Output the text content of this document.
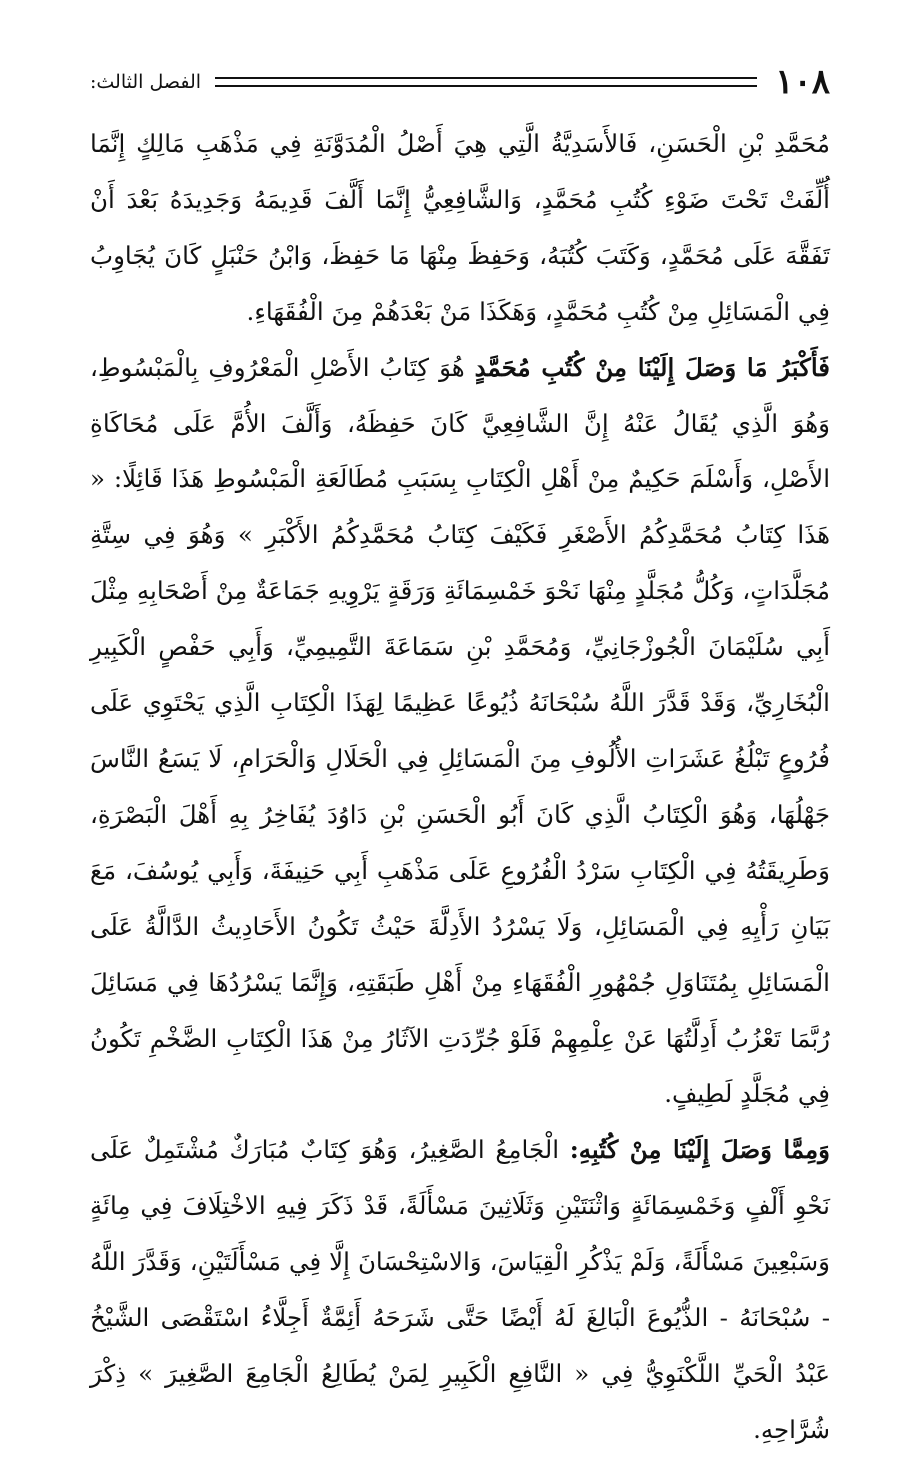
١٠٨
الفصل الثالث:

مُحَمَّدِ بْنِ الْحَسَنِ، فَالأَسَدِيَّةُ الَّتِي هِيَ أَصْلُ الْمُدَوَّنَةِ فِي مَذْهَبِ مَالِكٍ إِنَّمَا أُلِّفَتْ تَحْتَ ضَوْءِ كُتُبِ مُحَمَّدٍ، وَالشَّافِعِيُّ إِنَّمَا أَلَّفَ قَدِيمَهُ وَجَدِيدَهُ بَعْدَ أَنْ تَفَقَّهَ عَلَى مُحَمَّدٍ، وَكَتَبَ كُتُبَهُ، وَحَفِظَ مِنْهَا مَا حَفِظَ، وَابْنُ حَنْبَلٍ كَانَ يُجَاوِبُ فِي الْمَسَائِلِ مِنْ كُتُبِ مُحَمَّدٍ، وَهَكَذَا مَنْ بَعْدَهُمْ مِنَ الْفُقَهَاءِ.

فَأَكْبَرُ مَا وَصَلَ إِلَيْنَا مِنْ كُتُبِ مُحَمَّدٍ هُوَ كِتَابُ الأَصْلِ الْمَعْرُوفِ بِالْمَبْسُوطِ، وَهُوَ الَّذِي يُقَالُ عَنْهُ إِنَّ الشَّافِعِيَّ كَانَ حَفِظَهُ، وَأَلَّفَ الأُمَّ عَلَى مُحَاكَاةِ الأَصْلِ، وَأَسْلَمَ حَكِيمٌ مِنْ أَهْلِ الْكِتَابِ بِسَبَبِ مُطَالَعَةِ الْمَبْسُوطِ هَذَا قَائِلًا: « هَذَا كِتَابُ مُحَمَّدِكُمُ الأَصْغَرِ فَكَيْفَ كِتَابُ مُحَمَّدِكُمُ الأَكْبَرِ » وَهُوَ فِي سِتَّةِ مُجَلَّدَاتٍ، وَكُلُّ مُجَلَّدٍ مِنْهَا نَحْوَ خَمْسِمَائَةِ وَرَقَةٍ يَرْوِيهِ جَمَاعَةٌ مِنْ أَصْحَابِهِ مِثْلَ أَبِي سُلَيْمَانَ الْجُوزْجَانِيِّ، وَمُحَمَّدِ بْنِ سَمَاعَةَ التَّمِيمِيِّ، وَأَبِي حَفْصٍ الْكَبِيرِ الْبُخَارِيِّ، وَقَدْ قَدَّرَ اللَّهُ سُبْحَانَهُ ذُيُوعًا عَظِيمًا لِهَذَا الْكِتَابِ الَّذِي يَحْتَوِي عَلَى فُرُوعٍ تَبْلُغُ عَشَرَاتِ الأُلُوفِ مِنَ الْمَسَائِلِ فِي الْحَلَالِ وَالْحَرَامِ، لَا يَسَعُ النَّاسَ جَهْلُهَا، وَهُوَ الْكِتَابُ الَّذِي كَانَ أَبُو الْحَسَنِ بْنِ دَاوُدَ يُفَاخِرُ بِهِ أَهْلَ الْبَصْرَةِ، وَطَرِيقَتُهُ فِي الْكِتَابِ سَرْدُ الْفُرُوعِ عَلَى مَذْهَبِ أَبِي حَنِيفَةَ، وَأَبِي يُوسُفَ، مَعَ بَيَانِ رَأْيِهِ فِي الْمَسَائِلِ، وَلَا يَسْرُدُ الأَدِلَّةَ حَيْثُ تَكُونُ الأَحَادِيثُ الدَّالَّةُ عَلَى الْمَسَائِلِ بِمُتَنَاوَلِ جُمْهُورِ الْفُقَهَاءِ مِنْ أَهْلِ طَبَقَتِهِ، وَإِنَّمَا يَسْرُدُهَا فِي مَسَائِلَ رُبَّمَا تَعْزُبُ أَدِلَّتُهَا عَنْ عِلْمِهِمْ فَلَوْ جُرِّدَتِ الآثَارُ مِنْ هَذَا الْكِتَابِ الضَّخْمِ تَكُونُ فِي مُجَلَّدٍ لَطِيفٍ.

وَمِمَّا وَصَلَ إِلَيْنَا مِنْ كُتُبِهِ: الْجَامِعُ الصَّغِيرُ، وَهُوَ كِتَابٌ مُبَارَكٌ مُشْتَمِلٌ عَلَى نَحْوِ أَلْفٍ وَخَمْسِمَائَةٍ وَاثْنَتَيْنِ وَثَلَاثِينَ مَسْأَلَةً، قَدْ ذَكَرَ فِيهِ الاخْتِلَافَ فِي مِائَةٍ وَسَبْعِينَ مَسْأَلَةً، وَلَمْ يَذْكُرِ الْقِيَاسَ، وَالاسْتِحْسَانَ إِلَّا فِي مَسْأَلَتَيْنِ، وَقَدَّرَ اللَّهُ - سُبْحَانَهُ - الذُّيُوعَ الْبَالِغَ لَهُ أَيْضًا حَتَّى شَرَحَهُ أَئِمَّةٌ أَجِلَّاءُ اسْتَقْصَى الشَّيْخُ عَبْدُ الْحَيِّ اللَّكْنَوِيُّ فِي « النَّافِعِ الْكَبِيرِ لِمَنْ يُطَالِعُ الْجَامِعَ الصَّغِيرَ » ذِكْرَ شُرَّاحِهِ.
